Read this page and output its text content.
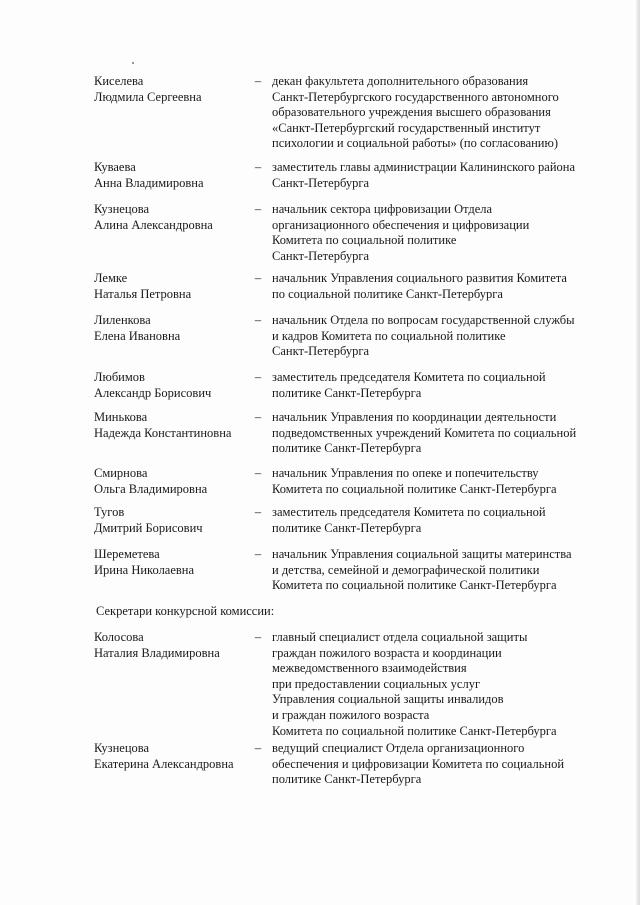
Киселева
Людмила Сергеевна
– декан факультета дополнительного образования
Санкт-Петербургского государственного автономного
образовательного учреждения высшего образования
«Санкт-Петербургский государственный институт
психологии и социальной работы» (по согласованию)
Куваева
Анна Владимировна
– заместитель главы администрации Калининского района
Санкт-Петербурга
Кузнецова
Алина Александровна
– начальник сектора цифровизации Отдела
организационного обеспечения и цифровизации
Комитета по социальной политике
Санкт-Петербурга
Лемке
Наталья Петровна
– начальник Управления социального развития Комитета
по социальной политике Санкт-Петербурга
Лиленкова
Елена Ивановна
– начальник Отдела по вопросам государственной службы
и кадров Комитета по социальной политике
Санкт-Петербурга
Любимов
Александр Борисович
– заместитель председателя Комитета по социальной
политике Санкт-Петербурга
Минькова
Надежда Константиновна
– начальник Управления по координации деятельности
подведомственных учреждений Комитета по социальной
политике Санкт-Петербурга
Смирнова
Ольга Владимировна
– начальник Управления по опеке и попечительству
Комитета по социальной политике Санкт-Петербурга
Тугов
Дмитрий Борисович
– заместитель председателя Комитета по социальной
политике Санкт-Петербурга
Шереметева
Ирина Николаевна
– начальник Управления социальной защиты материнства
и детства, семейной и демографической политики
Комитета по социальной политике Санкт-Петербурга
Секретари конкурсной комиссии:
Колосова
Наталия Владимировна
– главный специалист отдела социальной защиты
граждан пожилого возраста и координации
межведомственного взаимодействия
при предоставлении социальных услуг
Управления социальной защиты инвалидов
и граждан пожилого возраста
Комитета по социальной политике Санкт-Петербурга
Кузнецова
Екатерина Александровна
– ведущий специалист Отдела организационного
обеспечения и цифровизации Комитета по социальной
политике Санкт-Петербурга
